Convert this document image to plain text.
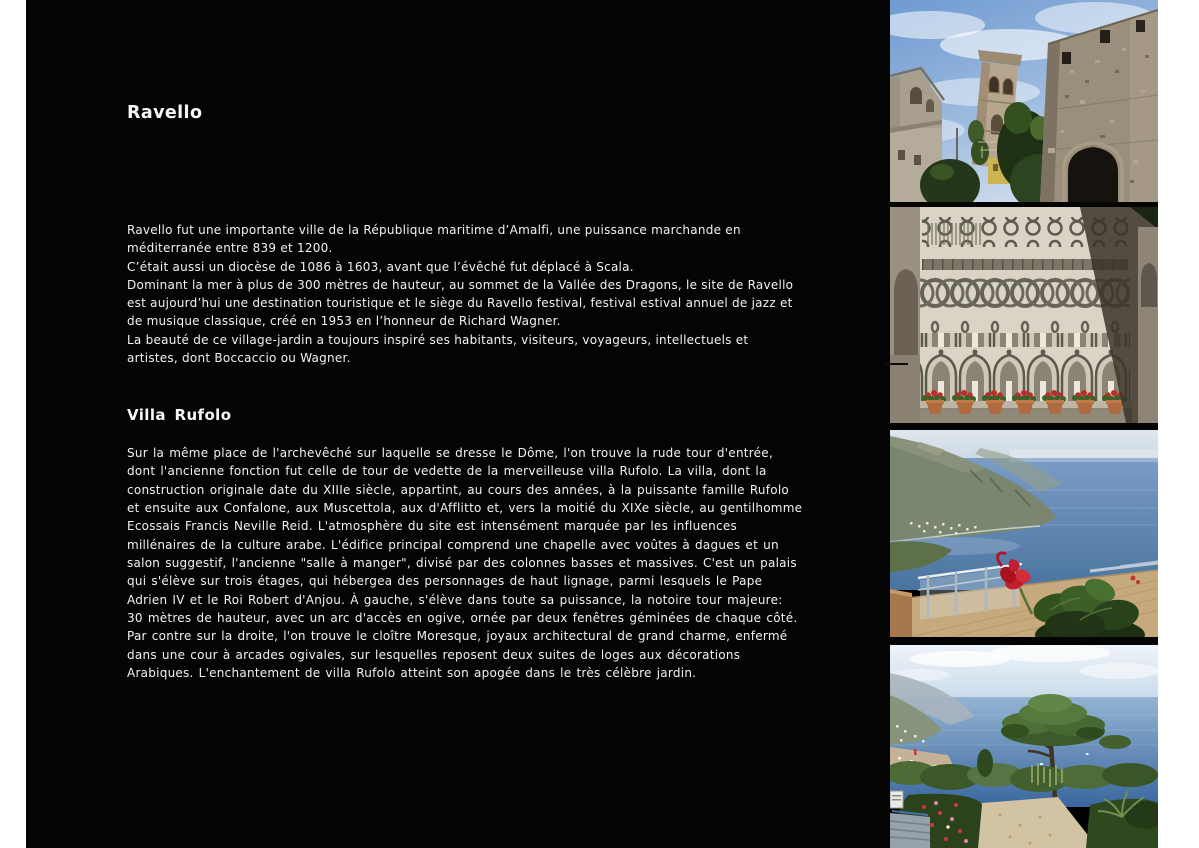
Ravello

Ravello fut une importante ville de la République maritime d’Amalfi, une puissance marchande en méditerranée entre 839 et 1200.

C’était aussi un diocèse de 1086 à 1603, avant que l’évêché fut déplacé à Scala.

Dominant la mer à plus de 300 mètres de hauteur, au sommet de la Vallée des Dragons, le site de Ravello est aujourd’hui une destination touristique et le siège du Ravello festival, festival estival annuel de jazz et de musique classique, créé en 1953 en l’honneur de Richard Wagner.

La beauté de ce village-jardin a toujours inspiré ses habitants, visiteurs, voyageurs, intellectuels et artistes, dont Boccaccio ou Wagner.

Villa Rufolo

Sur la même place de l'archevêché sur laquelle se dresse le Dôme, l'on trouve la rude tour d'entrée, dont l'ancienne fonction fut celle de tour de vedette de la merveilleuse villa Rufolo. La villa, dont la construction originale date du XIIIe siècle, appartint, au cours des années, à la puissante famille Rufolo et ensuite aux Confalone, aux Muscettola, aux d'Afflitto et, vers la moitié du XIXe siècle, au gentilhomme Ecossais Francis Neville Reid. L'atmosphère du site est intensément marquée par les influences millénaires de la culture arabe. L'édifice principal comprend une chapelle avec voûtes à dagues et un salon suggestif, l'ancienne "salle à manger", divisé par des colonnes basses et massives. C'est un palais qui s'élève sur trois étages, qui hébergea des personnages de haut lignage, parmi lesquels le Pape Adrien IV et le Roi Robert d'Anjou. À gauche, s'élève dans toute sa puissance, la notoire tour majeure: 30 mètres de hauteur, avec un arc d'accès en ogive, ornée par deux fenêtres géminées de chaque côté. Par contre sur la droite, l'on trouve le cloître Moresque, joyaux architectural de grand charme, enfermé dans une cour à arcades ogivales, sur lesquelles reposent deux suites de loges aux décorations Arabiques. L'enchantement de villa Rufolo atteint son apogée dans le très célèbre jardin.
